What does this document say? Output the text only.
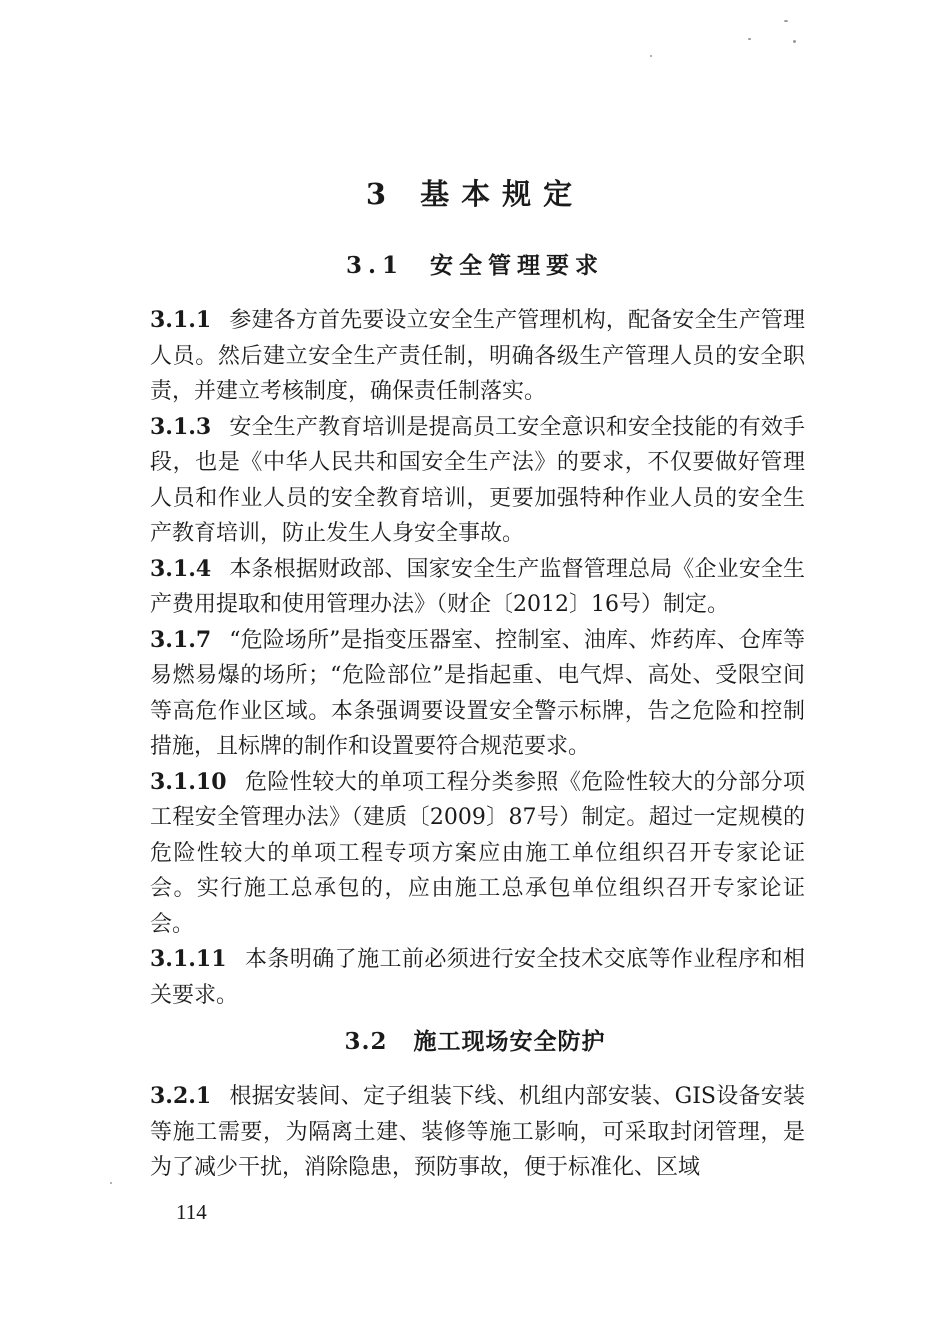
3 基本规定
3.1 安全管理要求

3.1.1 参建各方首先要设立安全生产管理机构，配备安全生产管理人员。然后建立安全生产责任制，明确各级生产管理人员的安全职责，并建立考核制度，确保责任制落实。

3.1.3 安全生产教育培训是提高员工安全意识和安全技能的有效手段，也是《中华人民共和国安全生产法》的要求，不仅要做好管理人员和作业人员的安全教育培训，更要加强特种作业人员的安全生产教育培训，防止发生人身安全事故。

3.1.4 本条根据财政部、国家安全生产监督管理总局《企业安全生产费用提取和使用管理办法》（财企〔2012〕16号）制定。

3.1.7 “危险场所”是指变压器室、控制室、油库、炸药库、仓库等易燃易爆的场所；“危险部位”是指起重、电气焊、高处、受限空间等高危作业区域。本条强调要设置安全警示标牌，告之危险和控制措施，且标牌的制作和设置要符合规范要求。

3.1.10 危险性较大的单项工程分类参照《危险性较大的分部分项工程安全管理办法》（建质〔2009〕87号）制定。超过一定规模的危险性较大的单项工程专项方案应由施工单位组织召开专家论证会。实行施工总承包的，应由施工总承包单位组织召开专家论证会。

3.1.11 本条明确了施工前必须进行安全技术交底等作业程序和相关要求。

3.2 施工现场安全防护

3.2.1 根据安装间、定子组装下线、机组内部安装、GIS设备安装等施工需要，为隔离土建、装修等施工影响，可采取封闭管理，是为了减少干扰，消除隐患，预防事故，便于标准化、区域

114
